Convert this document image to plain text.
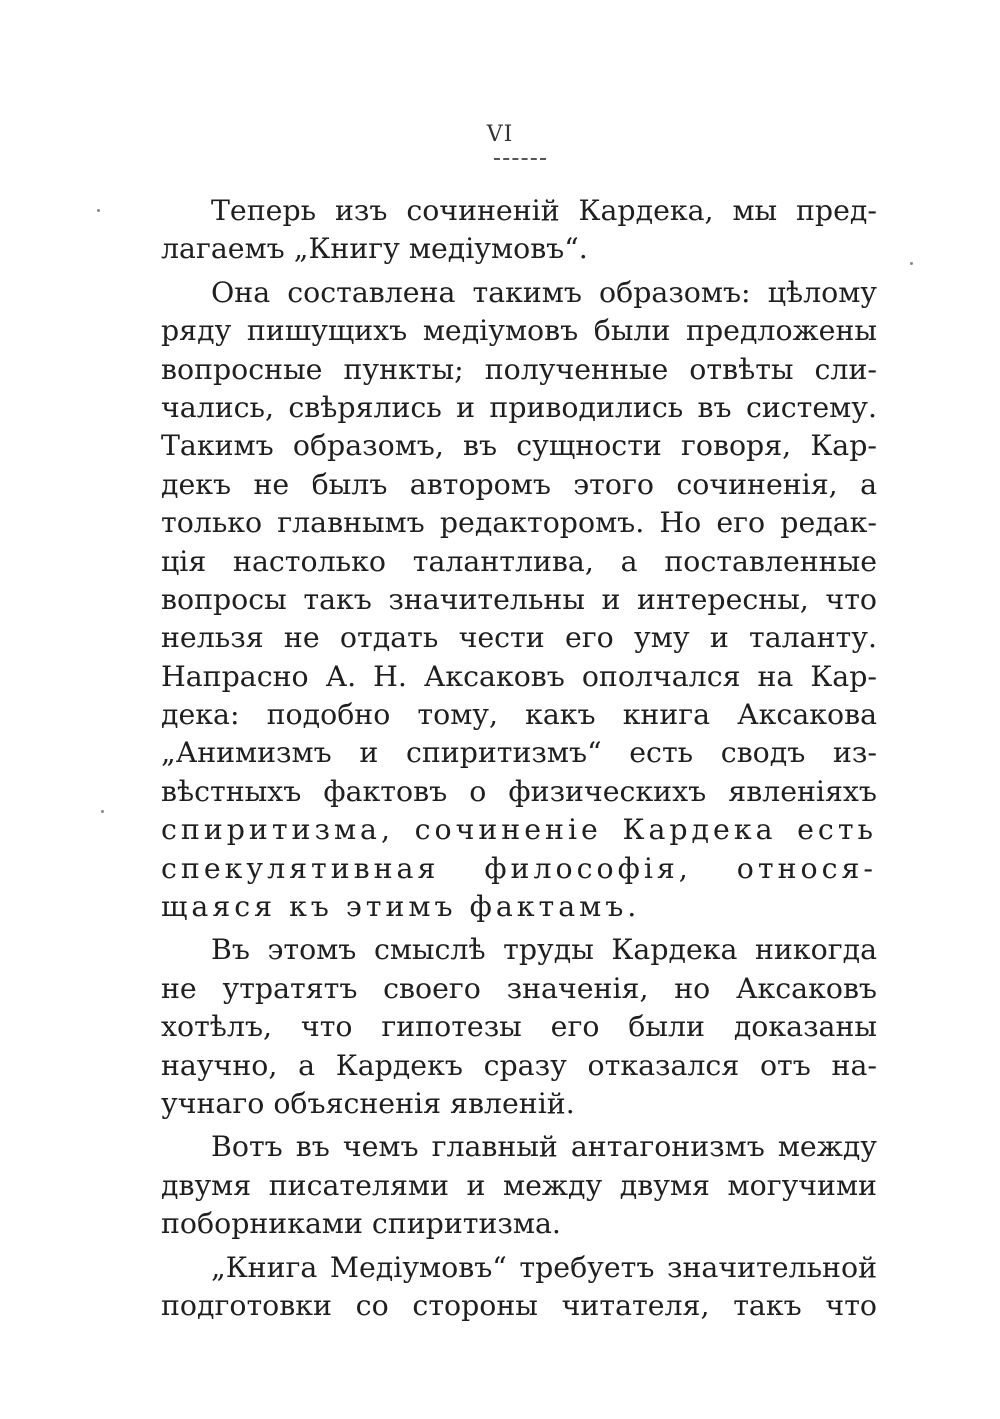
VI
Теперь изъ сочиненій Кардека, мы пред-
лагаемъ „Книгу медіумовъ“.
Она составлена такимъ образомъ: цѣлому
ряду пишущихъ медіумовъ были предложены
вопросные пункты; полученные отвѣты сли-
чались, свѣрялись и приводились въ систему.
Такимъ образомъ, въ сущности говоря, Кар-
декъ не былъ авторомъ этого сочиненія, а
только главнымъ редакторомъ. Но его редак-
ція настолько талантлива, а поставленные
вопросы такъ значительны и интересны, что
нельзя не отдать чести его уму и таланту.
Напрасно А. Н. Аксаковъ ополчался на Кар-
дека: подобно тому, какъ книга Аксакова
„Анимизмъ и спиритизмъ“ есть сводъ из-
вѣстныхъ фактовъ о физическихъ явленіяхъ
спиритизма, сочиненіе Кардека есть
спекулятивная философія, относя-
щаяся къ этимъ фактамъ.
Въ этомъ смыслѣ труды Кардека никогда
не утратятъ своего значенія, но Аксаковъ
хотѣлъ, что гипотезы его были доказаны
научно, а Кардекъ сразу отказался отъ на-
учнаго объясненія явленій.
Вотъ въ чемъ главный антагонизмъ между
двумя писателями и между двумя могучими
поборниками спиритизма.
„Книга Медіумовъ“ требуетъ значительной
подготовки со стороны читателя, такъ что
